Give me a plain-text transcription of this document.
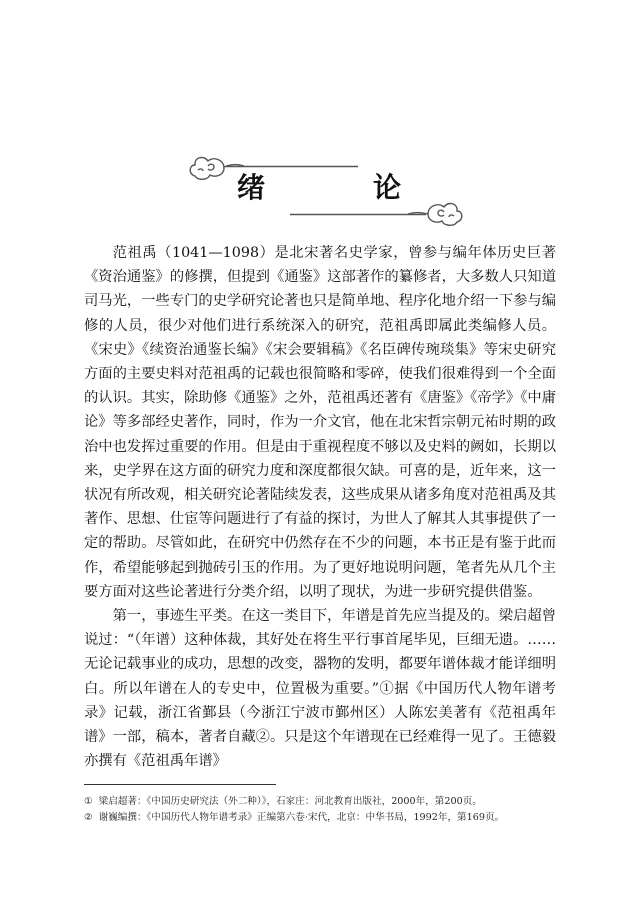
绪　论

范祖禹（1041—1098）是北宋著名史学家，曾参与编年体历史巨著《资治通鉴》的修撰，但提到《通鉴》这部著作的纂修者，大多数人只知道司马光，一些专门的史学研究论著也只是简单地、程序化地介绍一下参与编修的人员，很少对他们进行系统深入的研究，范祖禹即属此类编修人员。《宋史》《续资治通鉴长编》《宋会要辑稿》《名臣碑传琬琰集》等宋史研究方面的主要史料对范祖禹的记载也很简略和零碎，使我们很难得到一个全面的认识。其实，除助修《通鉴》之外，范祖禹还著有《唐鉴》《帝学》《中庸论》等多部经史著作，同时，作为一介文官，他在北宋哲宗朝元祐时期的政治中也发挥过重要的作用。但是由于重视程度不够以及史料的阙如，长期以来，史学界在这方面的研究力度和深度都很欠缺。可喜的是，近年来，这一状况有所改观，相关研究论著陆续发表，这些成果从诸多角度对范祖禹及其著作、思想、仕宦等问题进行了有益的探讨，为世人了解其人其事提供了一定的帮助。尽管如此，在研究中仍然存在不少的问题，本书正是有鉴于此而作，希望能够起到抛砖引玉的作用。为了更好地说明问题，笔者先从几个主要方面对这些论著进行分类介绍，以明了现状，为进一步研究提供借鉴。

第一，事迹生平类。在这一类目下，年谱是首先应当提及的。梁启超曾说过：“（年谱）这种体裁，其好处在将生平行事首尾毕见，巨细无遗。……无论记载事业的成功，思想的改变，器物的发明，都要年谱体裁才能详细明白。所以年谱在人的专史中，位置极为重要。”①据《中国历代人物年谱考录》记载，浙江省鄞县（今浙江宁波市鄞州区）人陈宏美著有《范祖禹年谱》一部，稿本，著者自藏②。只是这个年谱现在已经难得一见了。王德毅亦撰有《范祖禹年谱》

① 梁启超著：《中国历史研究法（外二种）》，石家庄：河北教育出版社，2000年，第200页。
② 谢巍编撰：《中国历代人物年谱考录》正编第六卷·宋代，北京：中华书局，1992年，第169页。
